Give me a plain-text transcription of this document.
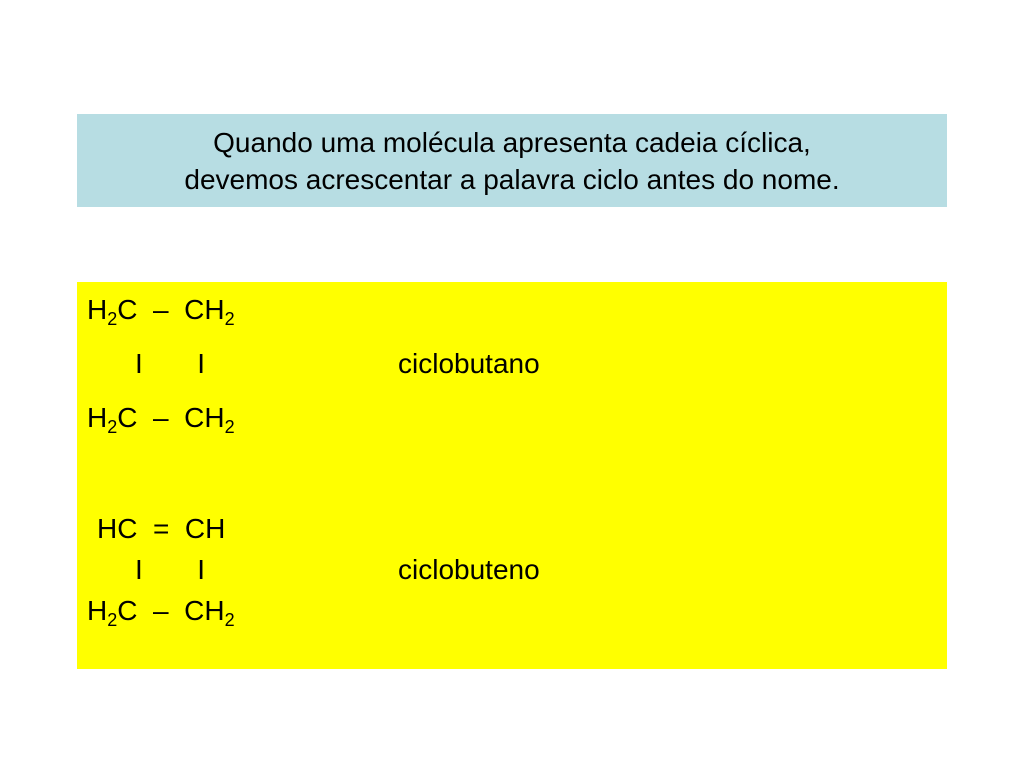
Quando uma molécula apresenta cadeia cíclica,
devemos acrescentar a palavra ciclo antes do nome.
$H_2C - CH_2$
I       I
$H_2C - CH_2$
ciclobutano
HC  =  CH
I       I
$H_2C - CH_2$
ciclobuteno
